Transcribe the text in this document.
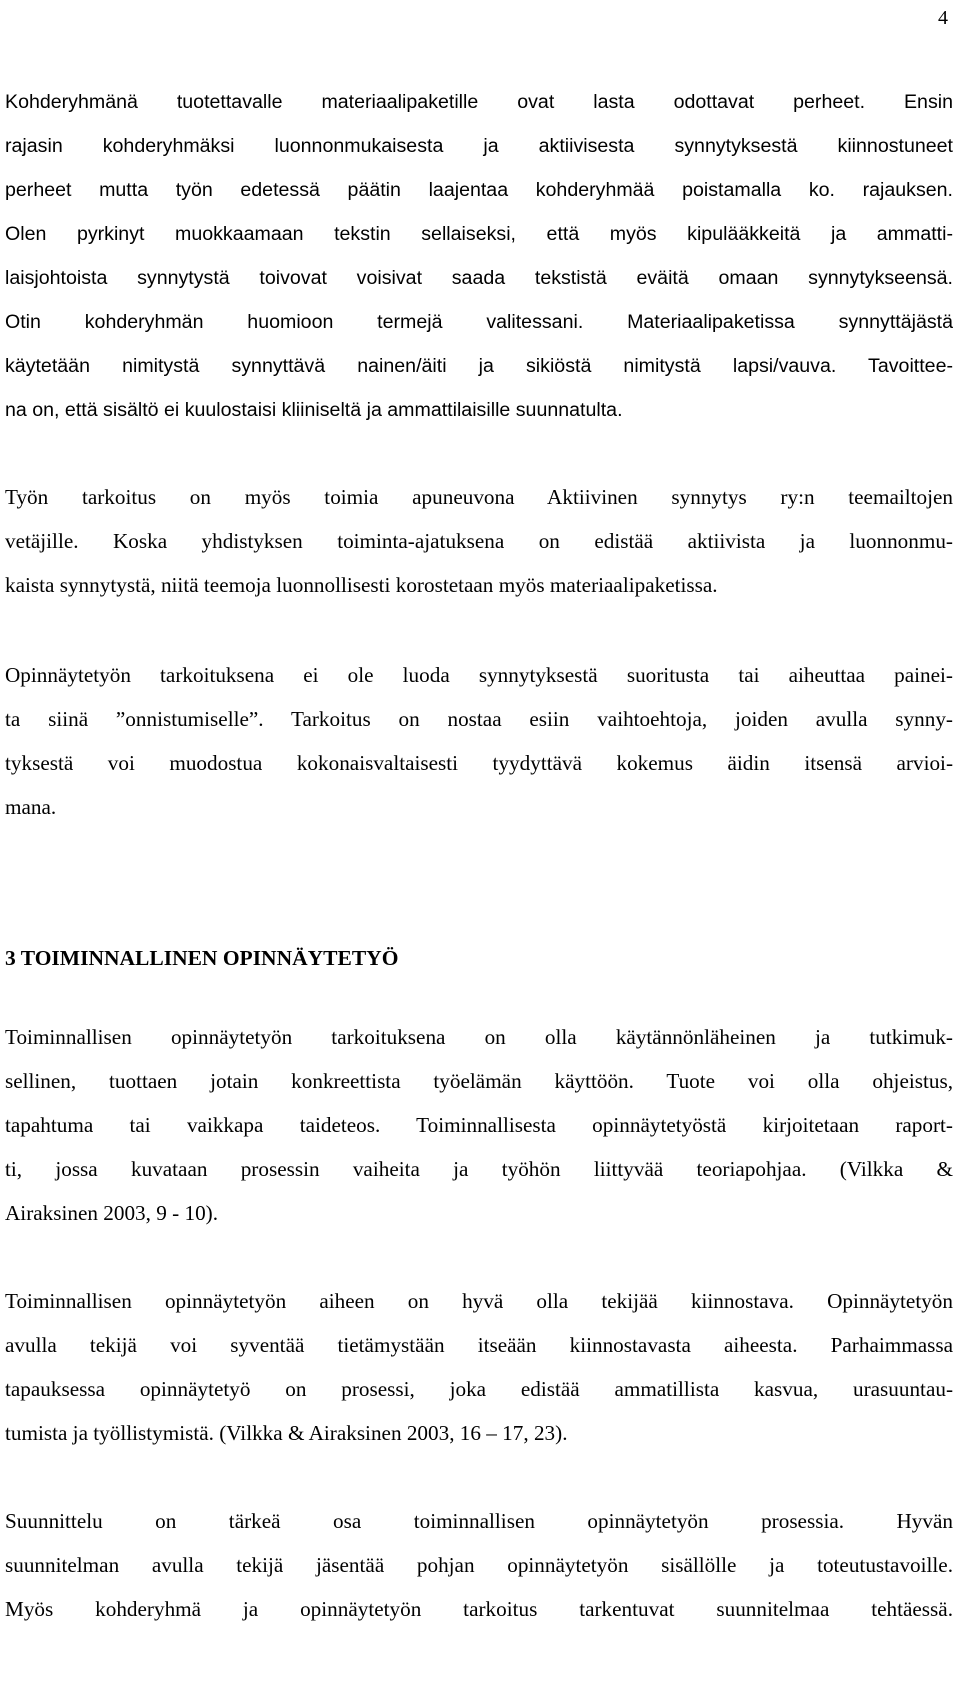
4
Kohderyhmänä tuotettavalle materiaalipaketille ovat lasta odottavat perheet. Ensin
rajasin kohderyhmäksi luonnonmukaisesta ja aktiivisesta synnytyksestä kiinnostuneet
perheet mutta työn edetessä päätin laajentaa kohderyhmää poistamalla ko. rajauksen.
Olen pyrkinyt muokkaamaan tekstin sellaiseksi, että myös kipulääkkeitä ja ammatti-
laisjohtoista synnytystä toivovat voisivat saada tekstistä eväitä omaan synnytykseensä.
Otin kohderyhmän huomioon termejä valitessani. Materiaalipaketissa synnyttäjästä
käytetään nimitystä synnyttävä nainen/äiti ja sikiöstä nimitystä lapsi/vauva. Tavoittee-
na on, että sisältö ei kuulostaisi kliiniseltä ja ammattilaisille suunnatulta.
Työn tarkoitus on myös toimia apuneuvona Aktiivinen synnytys ry:n teemailtojen
vetäjille. Koska yhdistyksen toiminta-ajatuksena on edistää aktiivista ja luonnonmu-
kaista synnytystä, niitä teemoja luonnollisesti korostetaan myös materiaalipaketissa.
Opinnäytetyön tarkoituksena ei ole luoda synnytyksestä suoritusta tai aiheuttaa painei-
ta siinä ”onnistumiselle”. Tarkoitus on nostaa esiin vaihtoehtoja, joiden avulla synny-
tyksestä voi muodostua kokonaisvaltaisesti tyydyttävä kokemus äidin itsensä arvioi-
mana.
3 TOIMINNALLINEN OPINNÄYTETYÖ
Toiminnallisen opinnäytetyön tarkoituksena on olla käytännönläheinen ja tutkimuk-
sellinen, tuottaen jotain konkreettista työelämän käyttöön. Tuote voi olla ohjeistus,
tapahtuma tai vaikkapa taideteos. Toiminnallisesta opinnäytetyöstä kirjoitetaan raport-
ti, jossa kuvataan prosessin vaiheita ja työhön liittyvää teoriapohjaa. (Vilkka &
Airaksinen 2003, 9 - 10).
Toiminnallisen opinnäytetyön aiheen on hyvä olla tekijää kiinnostava. Opinnäytetyön
avulla tekijä voi syventää tietämystään itseään kiinnostavasta aiheesta. Parhaimmassa
tapauksessa opinnäytetyö on prosessi, joka edistää ammatillista kasvua, urasuuntau-
tumista ja työllistymistä. (Vilkka & Airaksinen 2003, 16 – 17, 23).
Suunnittelu on tärkeä osa toiminnallisen opinnäytetyön prosessia. Hyvän
suunnitelman avulla tekijä jäsentää pohjan opinnäytetyön sisällölle ja toteutustavoille.
Myös kohderyhmä ja opinnäytetyön tarkoitus tarkentuvat suunnitelmaa tehtäessä.
